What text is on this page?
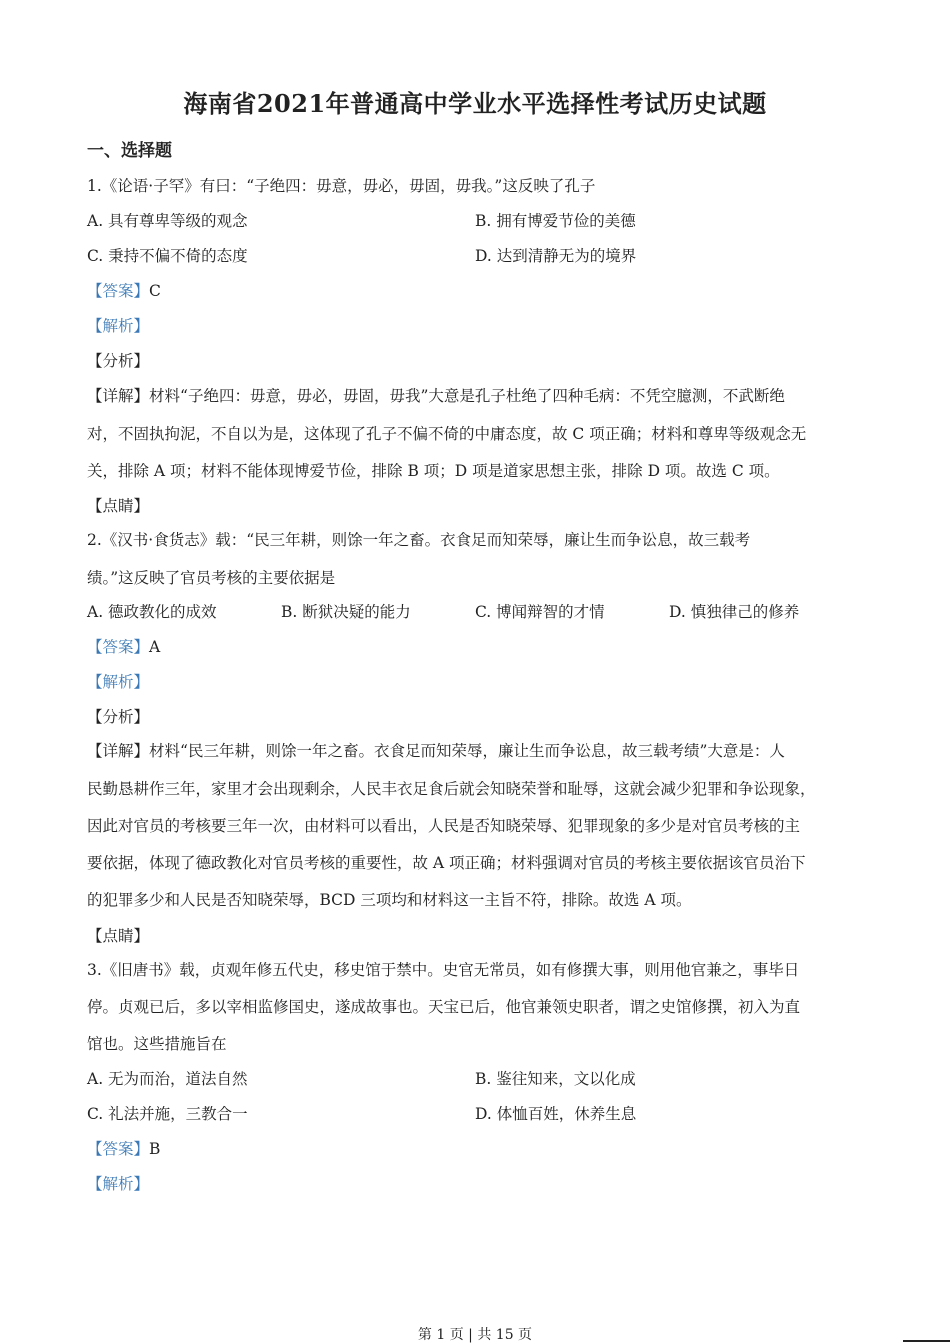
海南省2021年普通高中学业水平选择性考试历史试题
一、选择题
1.《论语·子罕》有曰：“子绝四：毋意，毋必，毋固，毋我。”这反映了孔子
A. 具有尊卑等级的观念	B. 拥有博爱节俭的美德
C. 秉持不偏不倚的态度	D. 达到清静无为的境界
【答案】C
【解析】
【分析】
【详解】材料“子绝四：毋意，毋必，毋固，毋我”大意是孔子杜绝了四种毛病：不凭空臆测，不武断绝
对，不固执拘泥，不自以为是，这体现了孔子不偏不倚的中庸态度，故 C 项正确；材料和尊卑等级观念无
关，排除 A 项；材料不能体现博爱节俭，排除 B 项；D 项是道家思想主张，排除 D 项。故选 C 项。
【点睛】
2.《汉书·食货志》载：“民三年耕，则馀一年之畜。衣食足而知荣辱，廉让生而争讼息，故三载考
绩。”这反映了官员考核的主要依据是
A. 德政教化的成效	B. 断狱决疑的能力	C. 博闻辩智的才情	D. 慎独律己的修养
【答案】A
【解析】
【分析】
【详解】材料“民三年耕，则馀一年之畜。衣食足而知荣辱，廉让生而争讼息，故三载考绩”大意是：人
民勤恳耕作三年，家里才会出现剩余，人民丰衣足食后就会知晓荣誉和耻辱，这就会减少犯罪和争讼现象，
因此对官员的考核要三年一次，由材料可以看出，人民是否知晓荣辱、犯罪现象的多少是对官员考核的主
要依据，体现了德政教化对官员考核的重要性，故 A 项正确；材料强调对官员的考核主要依据该官员治下
的犯罪多少和人民是否知晓荣辱，BCD 三项均和材料这一主旨不符，排除。故选 A 项。
【点睛】
3.《旧唐书》载，贞观年修五代史，移史馆于禁中。史官无常员，如有修撰大事，则用他官兼之，事毕日
停。贞观已后，多以宰相监修国史，遂成故事也。天宝已后，他官兼领史职者，谓之史馆修撰，初入为直
馆也。这些措施旨在
A. 无为而治，道法自然	B. 鉴往知来，文以化成
C. 礼法并施，三教合一	D. 体恤百姓，休养生息
【答案】B
【解析】
第 1 页 | 共 15 页
